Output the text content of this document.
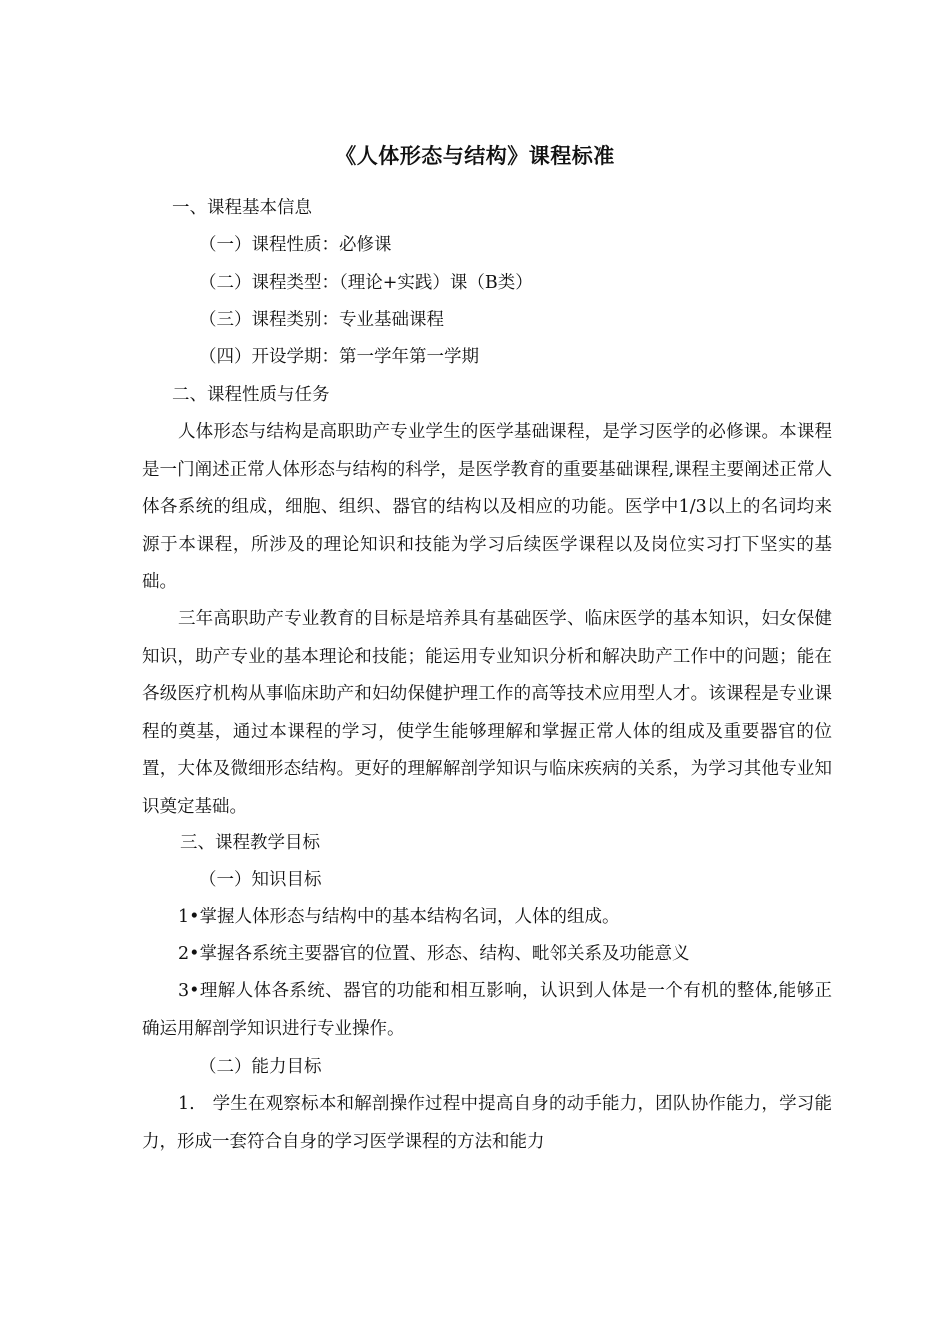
《人体形态与结构》课程标准
一、课程基本信息
（一）课程性质：必修课
（二）课程类型：（理论+实践）课（B类）
（三）课程类别：专业基础课程
（四）开设学期：第一学年第一学期
二、课程性质与任务
人体形态与结构是高职助产专业学生的医学基础课程，是学习医学的必修课。本课程是一门阐述正常人体形态与结构的科学，是医学教育的重要基础课程,课程主要阐述正常人体各系统的组成，细胞、组织、器官的结构以及相应的功能。医学中1/3以上的名词均来源于本课程，所涉及的理论知识和技能为学习后续医学课程以及岗位实习打下坚实的基础。
三年高职助产专业教育的目标是培养具有基础医学、临床医学的基本知识，妇女保健知识，助产专业的基本理论和技能；能运用专业知识分析和解决助产工作中的问题；能在各级医疗机构从事临床助产和妇幼保健护理工作的高等技术应用型人才。该课程是专业课程的奠基，通过本课程的学习，使学生能够理解和掌握正常人体的组成及重要器官的位置，大体及微细形态结构。更好的理解解剖学知识与临床疾病的关系，为学习其他专业知识奠定基础。
三、课程教学目标
（一）知识目标
1•掌握人体形态与结构中的基本结构名词，人体的组成。
2•掌握各系统主要器官的位置、形态、结构、毗邻关系及功能意义
3•理解人体各系统、器官的功能和相互影响，认识到人体是一个有机的整体,能够正确运用解剖学知识进行专业操作。
（二）能力目标
1.　学生在观察标本和解剖操作过程中提高自身的动手能力，团队协作能力，学习能力，形成一套符合自身的学习医学课程的方法和能力
